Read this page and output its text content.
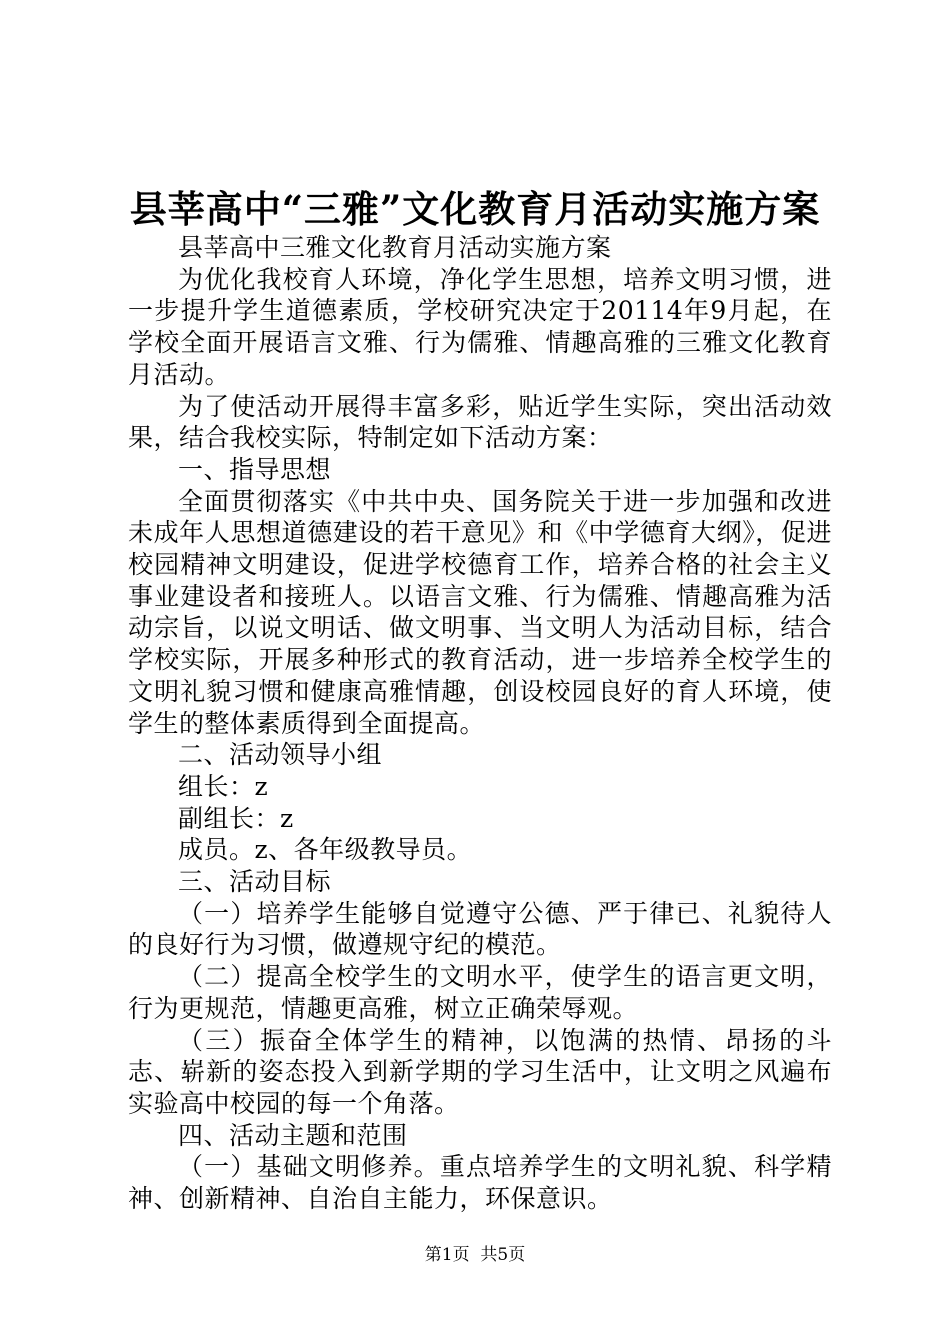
县莘高中“三雅”文化教育月活动实施方案

县莘高中三雅文化教育月活动实施方案

为优化我校育人环境，净化学生思想，培养文明习惯，进一步提升学生道德素质，学校研究决定于20114年9月起，在学校全面开展语言文雅、行为儒雅、情趣高雅的三雅文化教育月活动。

为了使活动开展得丰富多彩，贴近学生实际，突出活动效果，结合我校实际，特制定如下活动方案：

一、指导思想

全面贯彻落实《中共中央、国务院关于进一步加强和改进未成年人思想道德建设的若干意见》和《中学德育大纲》，促进校园精神文明建设，促进学校德育工作，培养合格的社会主义事业建设者和接班人。以语言文雅、行为儒雅、情趣高雅为活动宗旨，以说文明话、做文明事、当文明人为活动目标，结合学校实际，开展多种形式的教育活动，进一步培养全校学生的文明礼貌习惯和健康高雅情趣，创设校园良好的育人环境，使学生的整体素质得到全面提高。

二、活动领导小组

组长：z

副组长：z

成员。z、各年级教导员。

三、活动目标

（一）培养学生能够自觉遵守公德、严于律已、礼貌待人的良好行为习惯，做遵规守纪的模范。

（二）提高全校学生的文明水平，使学生的语言更文明，行为更规范，情趣更高雅，树立正确荣辱观。

（三）振奋全体学生的精神，以饱满的热情、昂扬的斗志、崭新的姿态投入到新学期的学习生活中，让文明之风遍布实验高中校园的每一个角落。

四、活动主题和范围

（一）基础文明修养。重点培养学生的文明礼貌、科学精神、创新精神、自治自主能力，环保意识。

第1页  共5页
